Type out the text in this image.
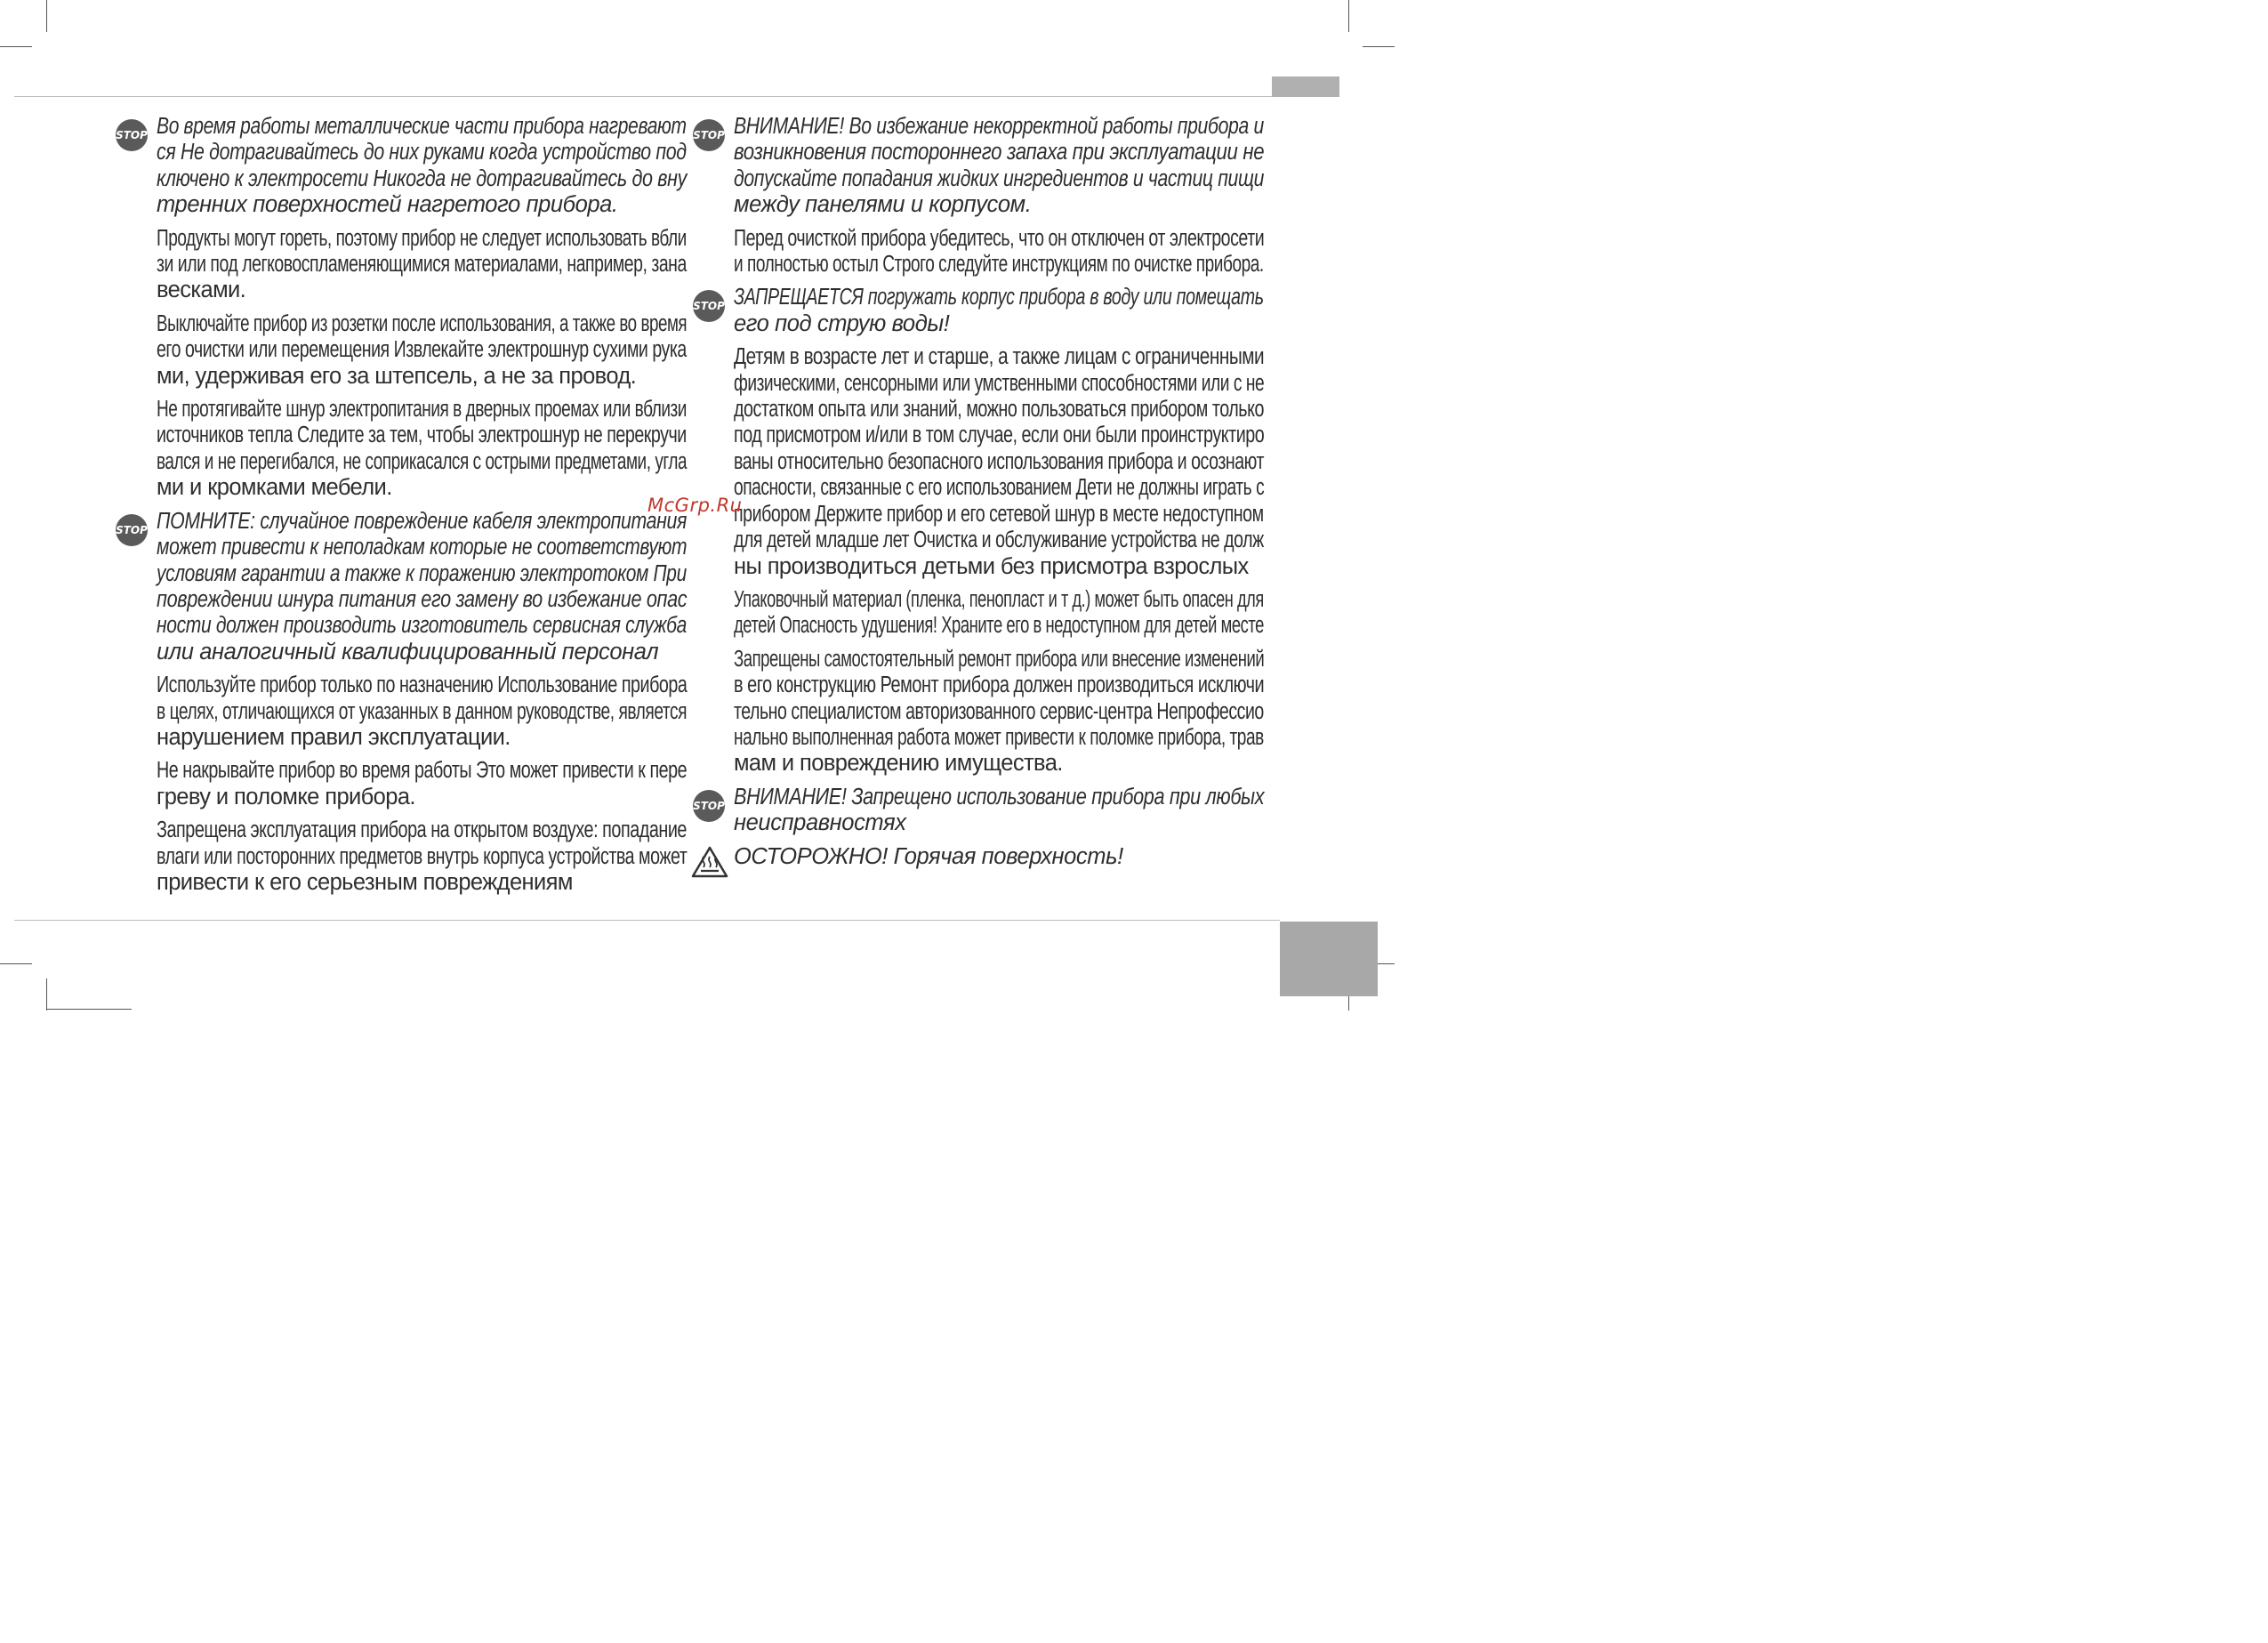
STOP Во время работы металлические части прибора нагревают
ся Не дотрагивайтесь до них руками когда устройство под
ключено к электросети Никогда не дотрагивайтесь до вну
тренних поверхностей нагретого прибора.
Продукты могут гореть, поэтому прибор не следует использовать вбли
зи или под легковоспламеняющимися материалами, например, зана
весками.
Выключайте прибор из розетки после использования, а также во время
его очистки или перемещения Извлекайте электрошнур сухими рука
ми, удерживая его за штепсель, а не за провод.
Не протягивайте шнур электропитания в дверных проемах или вблизи
источников тепла Следите за тем, чтобы электрошнур не перекручи
вался и не перегибался, не соприкасался с острыми предметами, угла
ми и кромками мебели.
STOP ПОМНИТЕ: случайное повреждение кабеля электропитания
может привести к неполадкам которые не соответствуют
условиям гарантии а также к поражению электротоком При
повреждении шнура питания его замену во избежание опас
ности должен производить изготовитель сервисная служба
или аналогичный квалифицированный персонал
Используйте прибор только по назначению Использование прибора
в целях, отличающихся от указанных в данном руководстве, является
нарушением правил эксплуатации.
Не накрывайте прибор во время работы Это может привести к пере
греву и поломке прибора.
Запрещена эксплуатация прибора на открытом воздухе: попадание
влаги или посторонних предметов внутрь корпуса устройства может
привести к его серьезным повреждениям
STOP ВНИМАНИЕ! Во избежание некорректной работы прибора и
возникновения постороннего запаха при эксплуатации не
допускайте попадания жидких ингредиентов и частиц пищи
между панелями и корпусом.
Перед очисткой прибора убедитесь, что он отключен от электросети
и полностью остыл Строго следуйте инструкциям по очистке прибора.
STOP ЗАПРЕЩАЕТСЯ погружать корпус прибора в воду или помещать
его под струю воды!
Детям в возрасте лет и старше, а также лицам с ограниченными
физическими, сенсорными или умственными способностями или с не
достатком опыта или знаний, можно пользоваться прибором только
под присмотром и/или в том случае, если они были проинструктиро
ваны относительно безопасного использования прибора и осознают
опасности, связанные с его использованием Дети не должны играть с
прибором Держите прибор и его сетевой шнур в месте недоступном
для детей младше лет Очистка и обслуживание устройства не долж
ны производиться детьми без присмотра взрослых
Упаковочный материал (пленка, пенопласт и т д.) может быть опасен для
детей Опасность удушения! Храните его в недоступном для детей месте
Запрещены самостоятельный ремонт прибора или внесение изменений
в его конструкцию Ремонт прибора должен производиться исключи
тельно специалистом авторизованного сервис-центра Непрофессио
нально выполненная работа может привести к поломке прибора, трав
мам и повреждению имущества.
STOP ВНИМАНИЕ! Запрещено использование прибора при любых
неисправностях
ОСТОРОЖНО! Горячая поверхность!
McGrp.Ru
